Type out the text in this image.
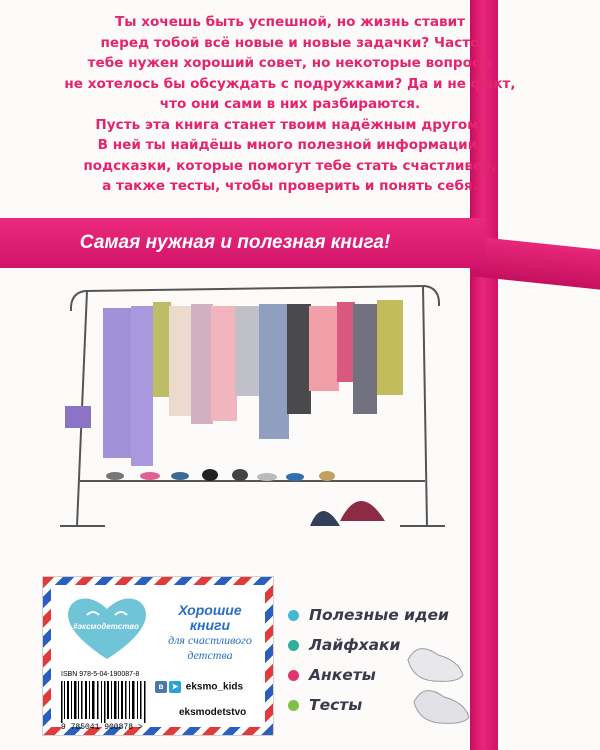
Ты хочешь быть успешной, но жизнь ставит
перед тобой всё новые и новые задачки? Часто
тебе нужен хороший совет, но некоторые вопросы
не хотелось бы обсуждать с подружками? Да и не факт,
что они сами в них разбираются.
Пусть эта книга станет твоим надёжным другом!
В ней ты найдёшь много полезной информации,
подсказки, которые помогут тебе стать счастливее,
а также тесты, чтобы проверить и понять себя.
Самая нужная и полезная книга!
#эксмодетство
Хорошие
книги
для счастливого
детства
ISBN 978-5-04-190087-8
9 785041 900878 >
в ➤ eksmo_kids
eksmodetstvo
Полезные идеи
Лайфхаки
Анкеты
Тесты
